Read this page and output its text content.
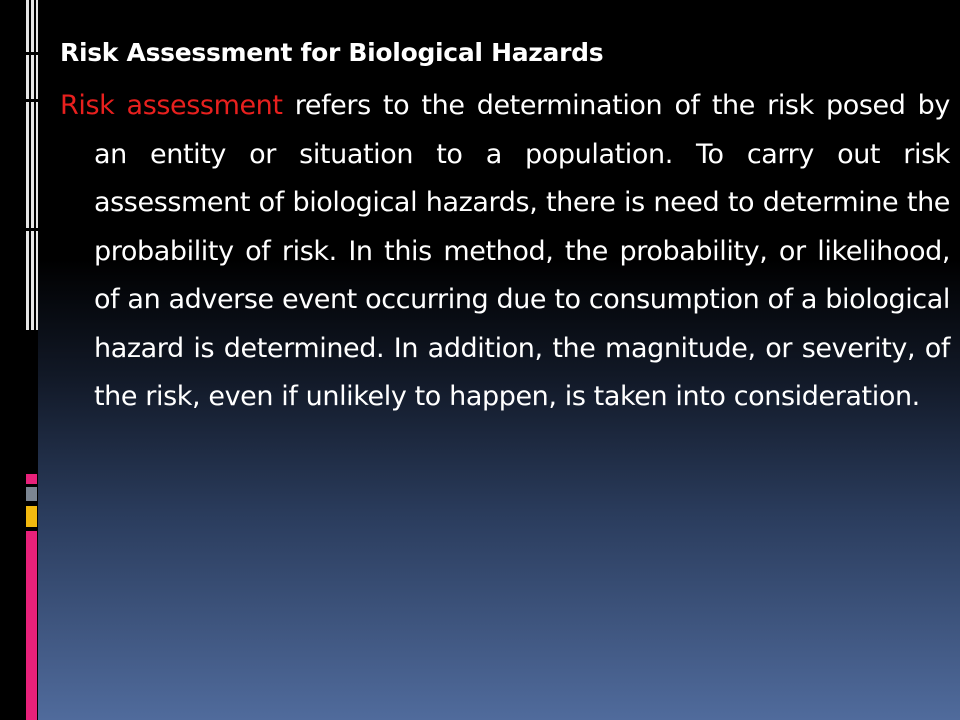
Risk Assessment for Biological Hazards

Risk assessment refers to the determination of the risk posed by an entity or situation to a population. To carry out risk assessment of biological hazards, there is need to determine the probability of risk. In this method, the probability, or likelihood, of an adverse event occurring due to consumption of a biological hazard is determined. In addition, the magnitude, or severity, of the risk, even if unlikely to happen, is taken into consideration.
